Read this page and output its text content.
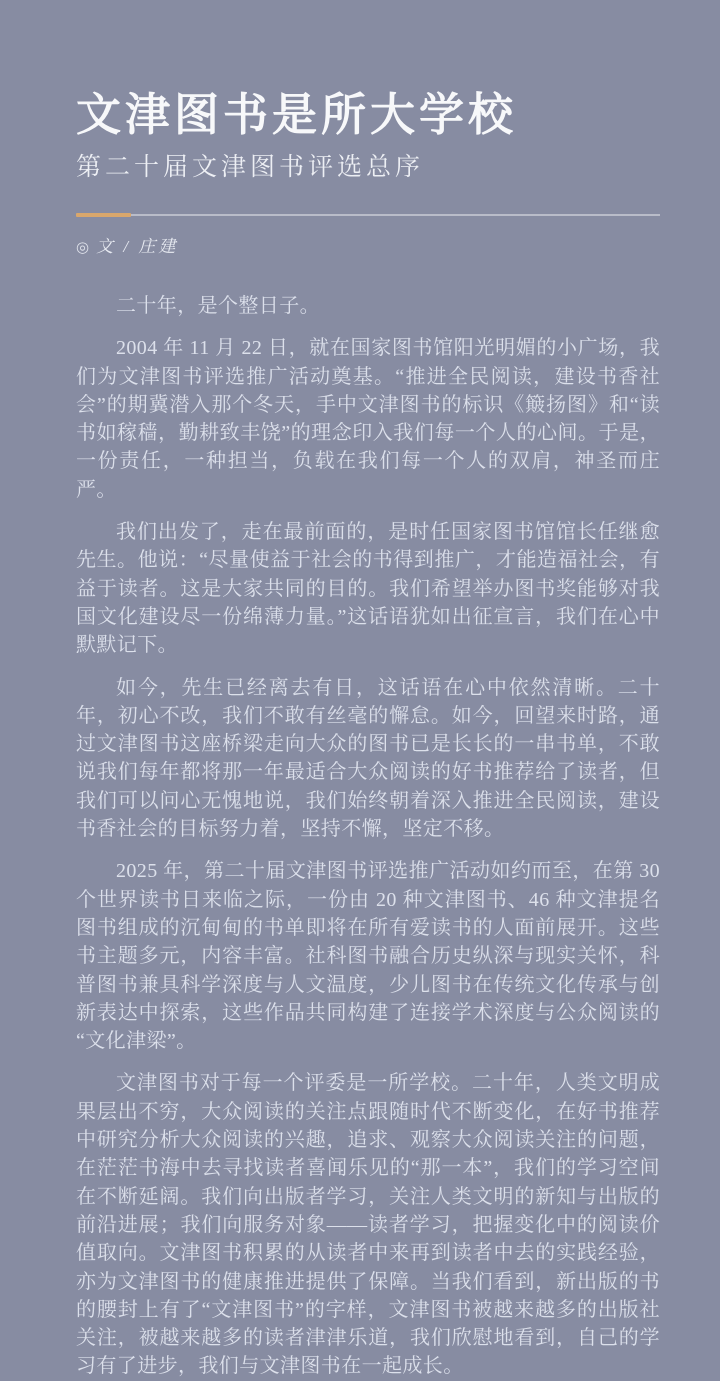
文津图书是所大学校
第二十届文津图书评选总序
◎ 文 / 庄建

二十年，是个整日子。

2004 年 11 月 22 日，就在国家图书馆阳光明媚的小广场，我们为文津图书评选推广活动奠基。“推进全民阅读，建设书香社会”的期冀潜入那个冬天，手中文津图书的标识《簸扬图》和“读书如稼穑，勤耕致丰饶”的理念印入我们每一个人的心间。于是，一份责任，一种担当，负载在我们每一个人的双肩，神圣而庄严。

我们出发了，走在最前面的，是时任国家图书馆馆长任继愈先生。他说：“尽量使益于社会的书得到推广，才能造福社会，有益于读者。这是大家共同的目的。我们希望举办图书奖能够对我国文化建设尽一份绵薄力量。”这话语犹如出征宣言，我们在心中默默记下。

如今，先生已经离去有日，这话语在心中依然清晰。二十年，初心不改，我们不敢有丝毫的懈怠。如今，回望来时路，通过文津图书这座桥梁走向大众的图书已是长长的一串书单，不敢说我们每年都将那一年最适合大众阅读的好书推荐给了读者，但我们可以问心无愧地说，我们始终朝着深入推进全民阅读，建设书香社会的目标努力着，坚持不懈，坚定不移。

2025 年，第二十届文津图书评选推广活动如约而至，在第 30 个世界读书日来临之际，一份由 20 种文津图书、46 种文津提名图书组成的沉甸甸的书单即将在所有爱读书的人面前展开。这些书主题多元，内容丰富。社科图书融合历史纵深与现实关怀，科普图书兼具科学深度与人文温度，少儿图书在传统文化传承与创新表达中探索，这些作品共同构建了连接学术深度与公众阅读的“文化津梁”。

文津图书对于每一个评委是一所学校。二十年，人类文明成果层出不穷，大众阅读的关注点跟随时代不断变化，在好书推荐中研究分析大众阅读的兴趣，追求、观察大众阅读关注的问题，在茫茫书海中去寻找读者喜闻乐见的“那一本”，我们的学习空间在不断延阔。我们向出版者学习，关注人类文明的新知与出版的前沿进展；我们向服务对象——读者学习，把握变化中的阅读价值取向。文津图书积累的从读者中来再到读者中去的实践经验，亦为文津图书的健康推进提供了保障。当我们看到，新出版的书的腰封上有了“文津图书”的字样，文津图书被越来越多的出版社关注，被越来越多的读者津津乐道，我们欣慰地看到，自己的学习有了进步，我们与文津图书在一起成长。
